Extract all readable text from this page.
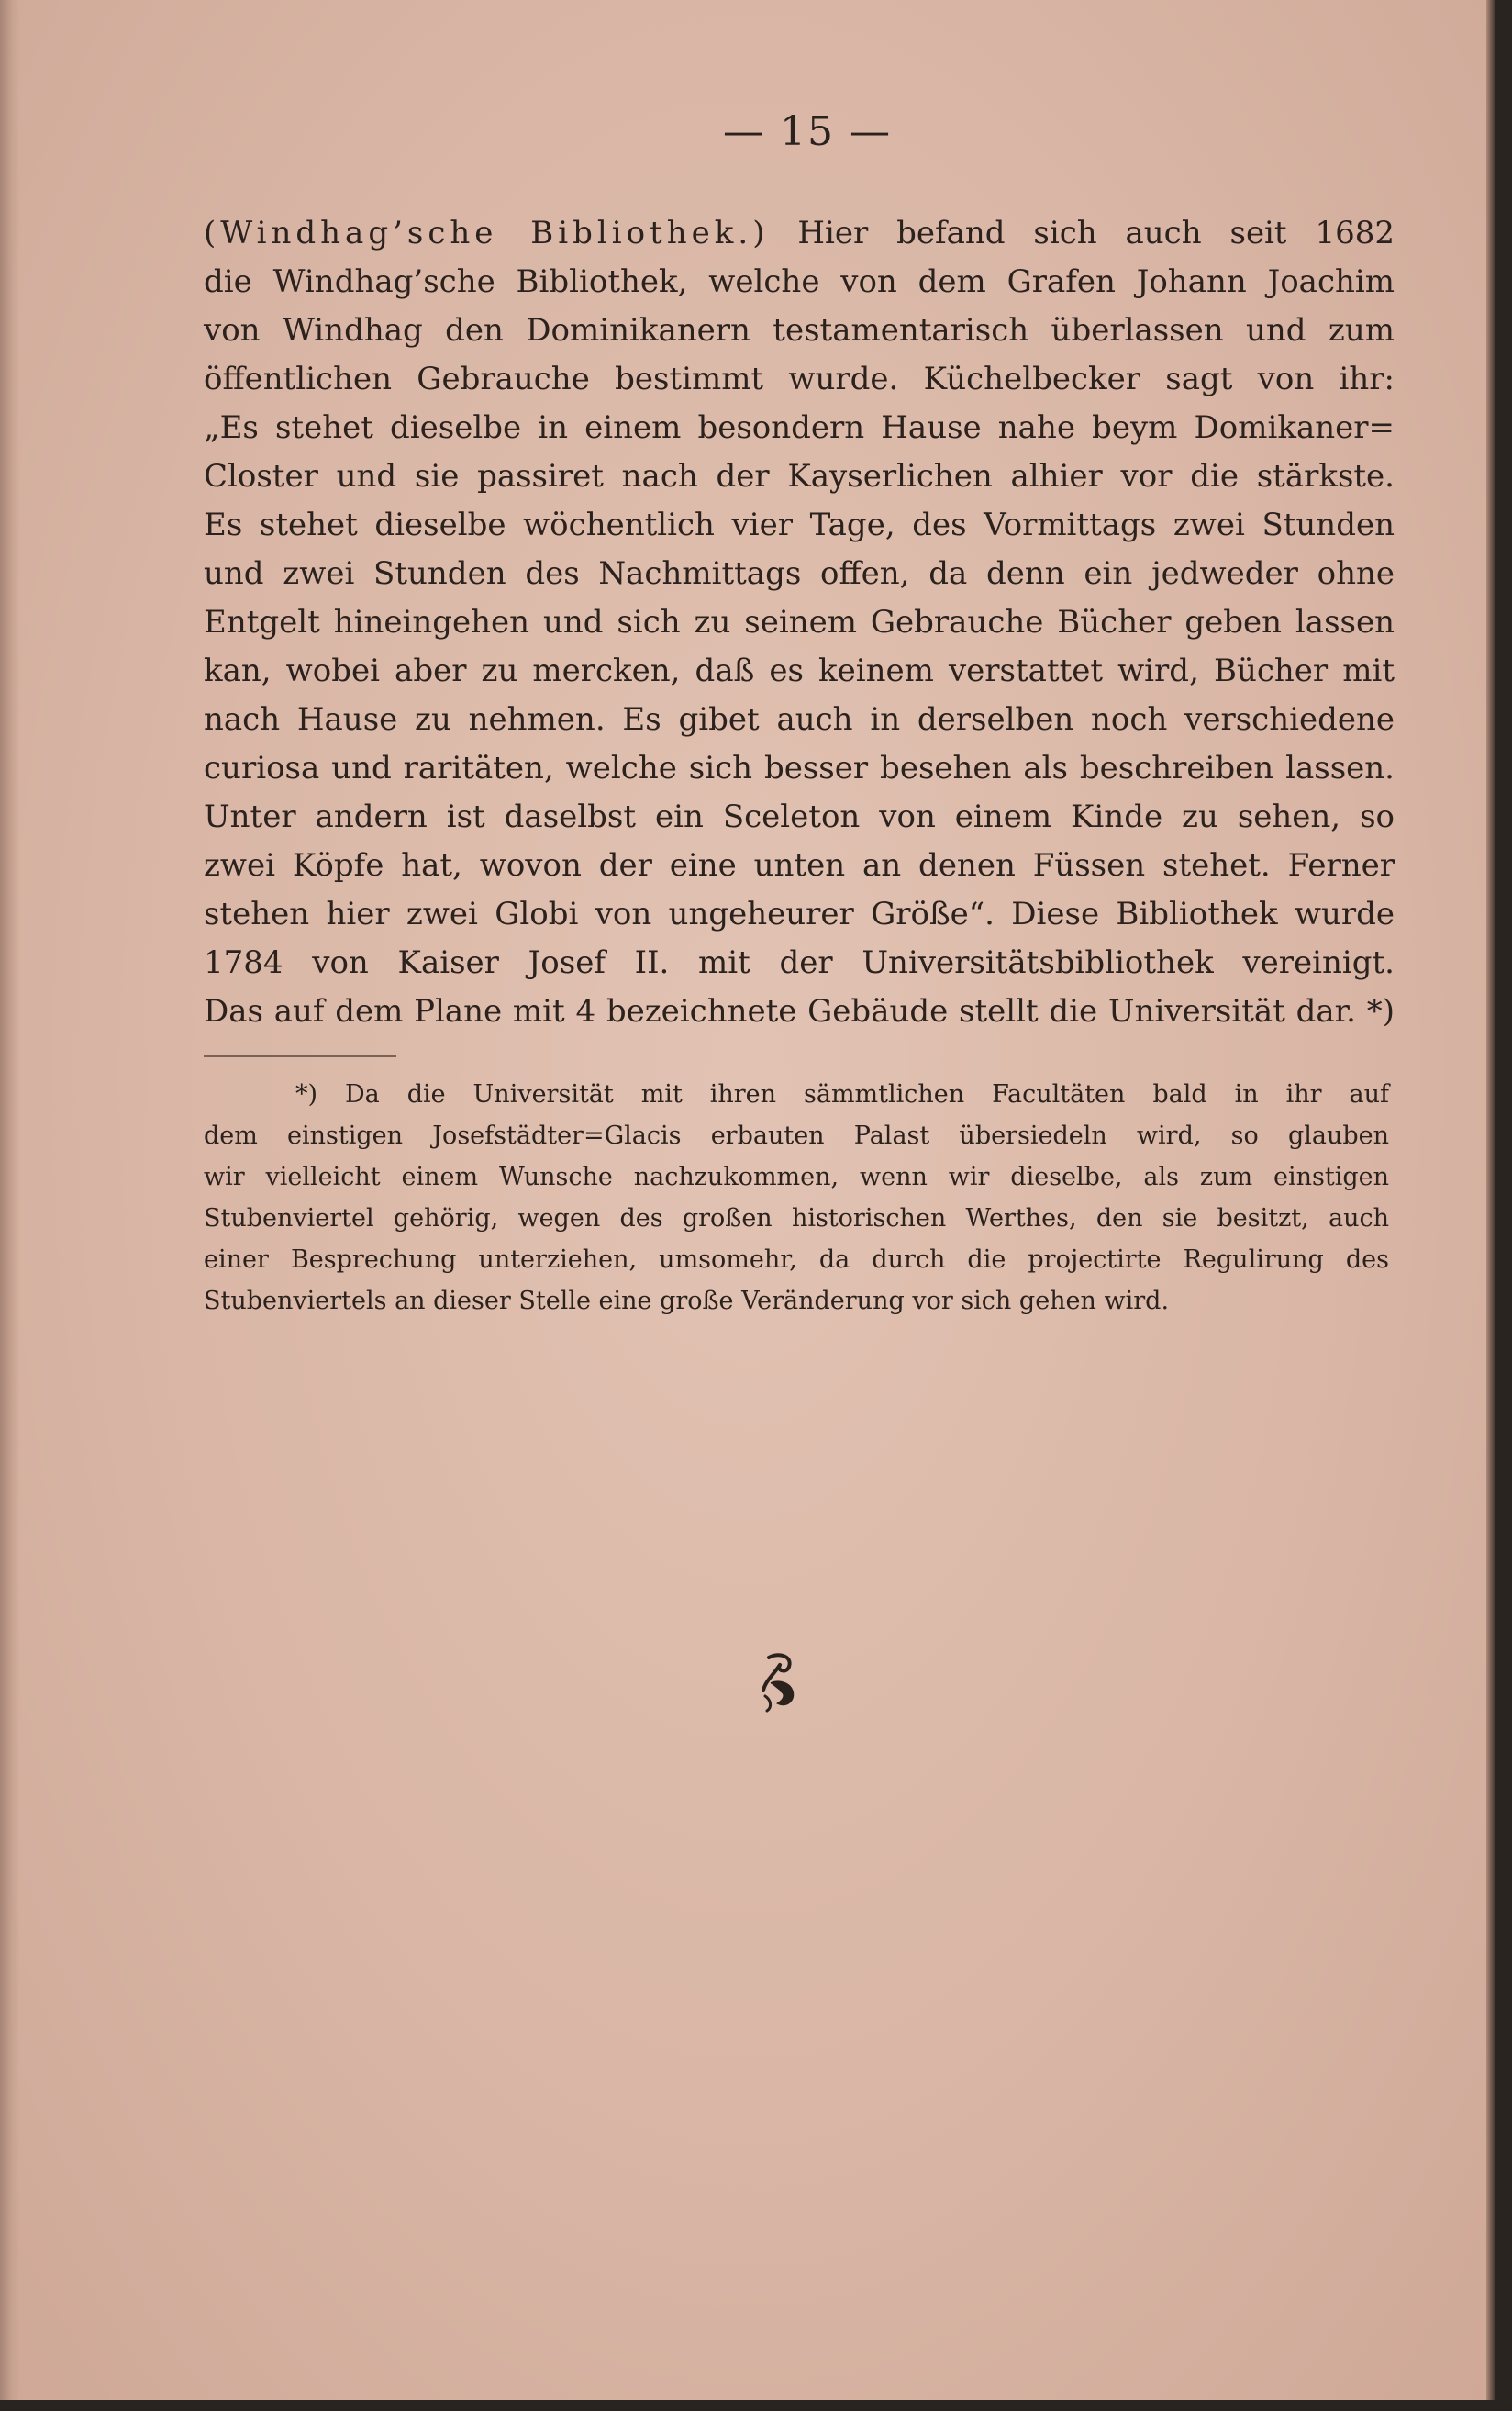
— 15 —
(Windhag’sche Bibliothek.) Hier befand sich auch seit 1682
die Windhag’sche Bibliothek, welche von dem Grafen Johann Joachim
von Windhag den Dominikanern testamentarisch überlassen und zum
öffentlichen Gebrauche bestimmt wurde. Küchelbecker sagt von ihr:
„Es stehet dieselbe in einem besondern Hause nahe beym Domikaner=
Closter und sie passiret nach der Kayserlichen alhier vor die stärkste.
Es stehet dieselbe wöchentlich vier Tage, des Vormittags zwei Stunden
und zwei Stunden des Nachmittags offen, da denn ein jedweder ohne
Entgelt hineingehen und sich zu seinem Gebrauche Bücher geben lassen
kan, wobei aber zu mercken, daß es keinem verstattet wird, Bücher mit
nach Hause zu nehmen. Es gibet auch in derselben noch verschiedene
curiosa und raritäten, welche sich besser besehen als beschreiben lassen.
Unter andern ist daselbst ein Sceleton von einem Kinde zu sehen, so
zwei Köpfe hat, wovon der eine unten an denen Füssen stehet. Ferner
stehen hier zwei Globi von ungeheurer Größe“. Diese Bibliothek wurde
1784 von Kaiser Josef II. mit der Universitätsbibliothek vereinigt.
Das auf dem Plane mit 4 bezeichnete Gebäude stellt die Universität dar. *)
*) Da die Universität mit ihren sämmtlichen Facultäten bald in ihr auf
dem einstigen Josefstädter=Glacis erbauten Palast übersiedeln wird, so glauben
wir vielleicht einem Wunsche nachzukommen, wenn wir dieselbe, als zum einstigen
Stubenviertel gehörig, wegen des großen historischen Werthes, den sie besitzt, auch
einer Besprechung unterziehen, umsomehr, da durch die projectirte Regulirung des
Stubenviertels an dieser Stelle eine große Veränderung vor sich gehen wird.
